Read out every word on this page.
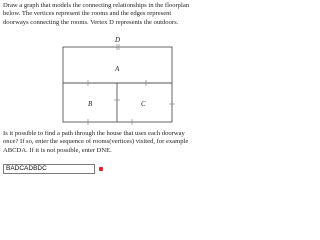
Draw a graph that models the connecting relationships in the floorplan below. The vertices represent the rooms and the edges represent doorways connecting the rooms. Vertex D represents the outdoors.

D
A
B	C

Is it possible to find a path through the house that uses each doorway once? If so, enter the sequence of rooms(vertices) visited, for example ABCDA. If it is not possible, enter DNE.

BADCADBDC
